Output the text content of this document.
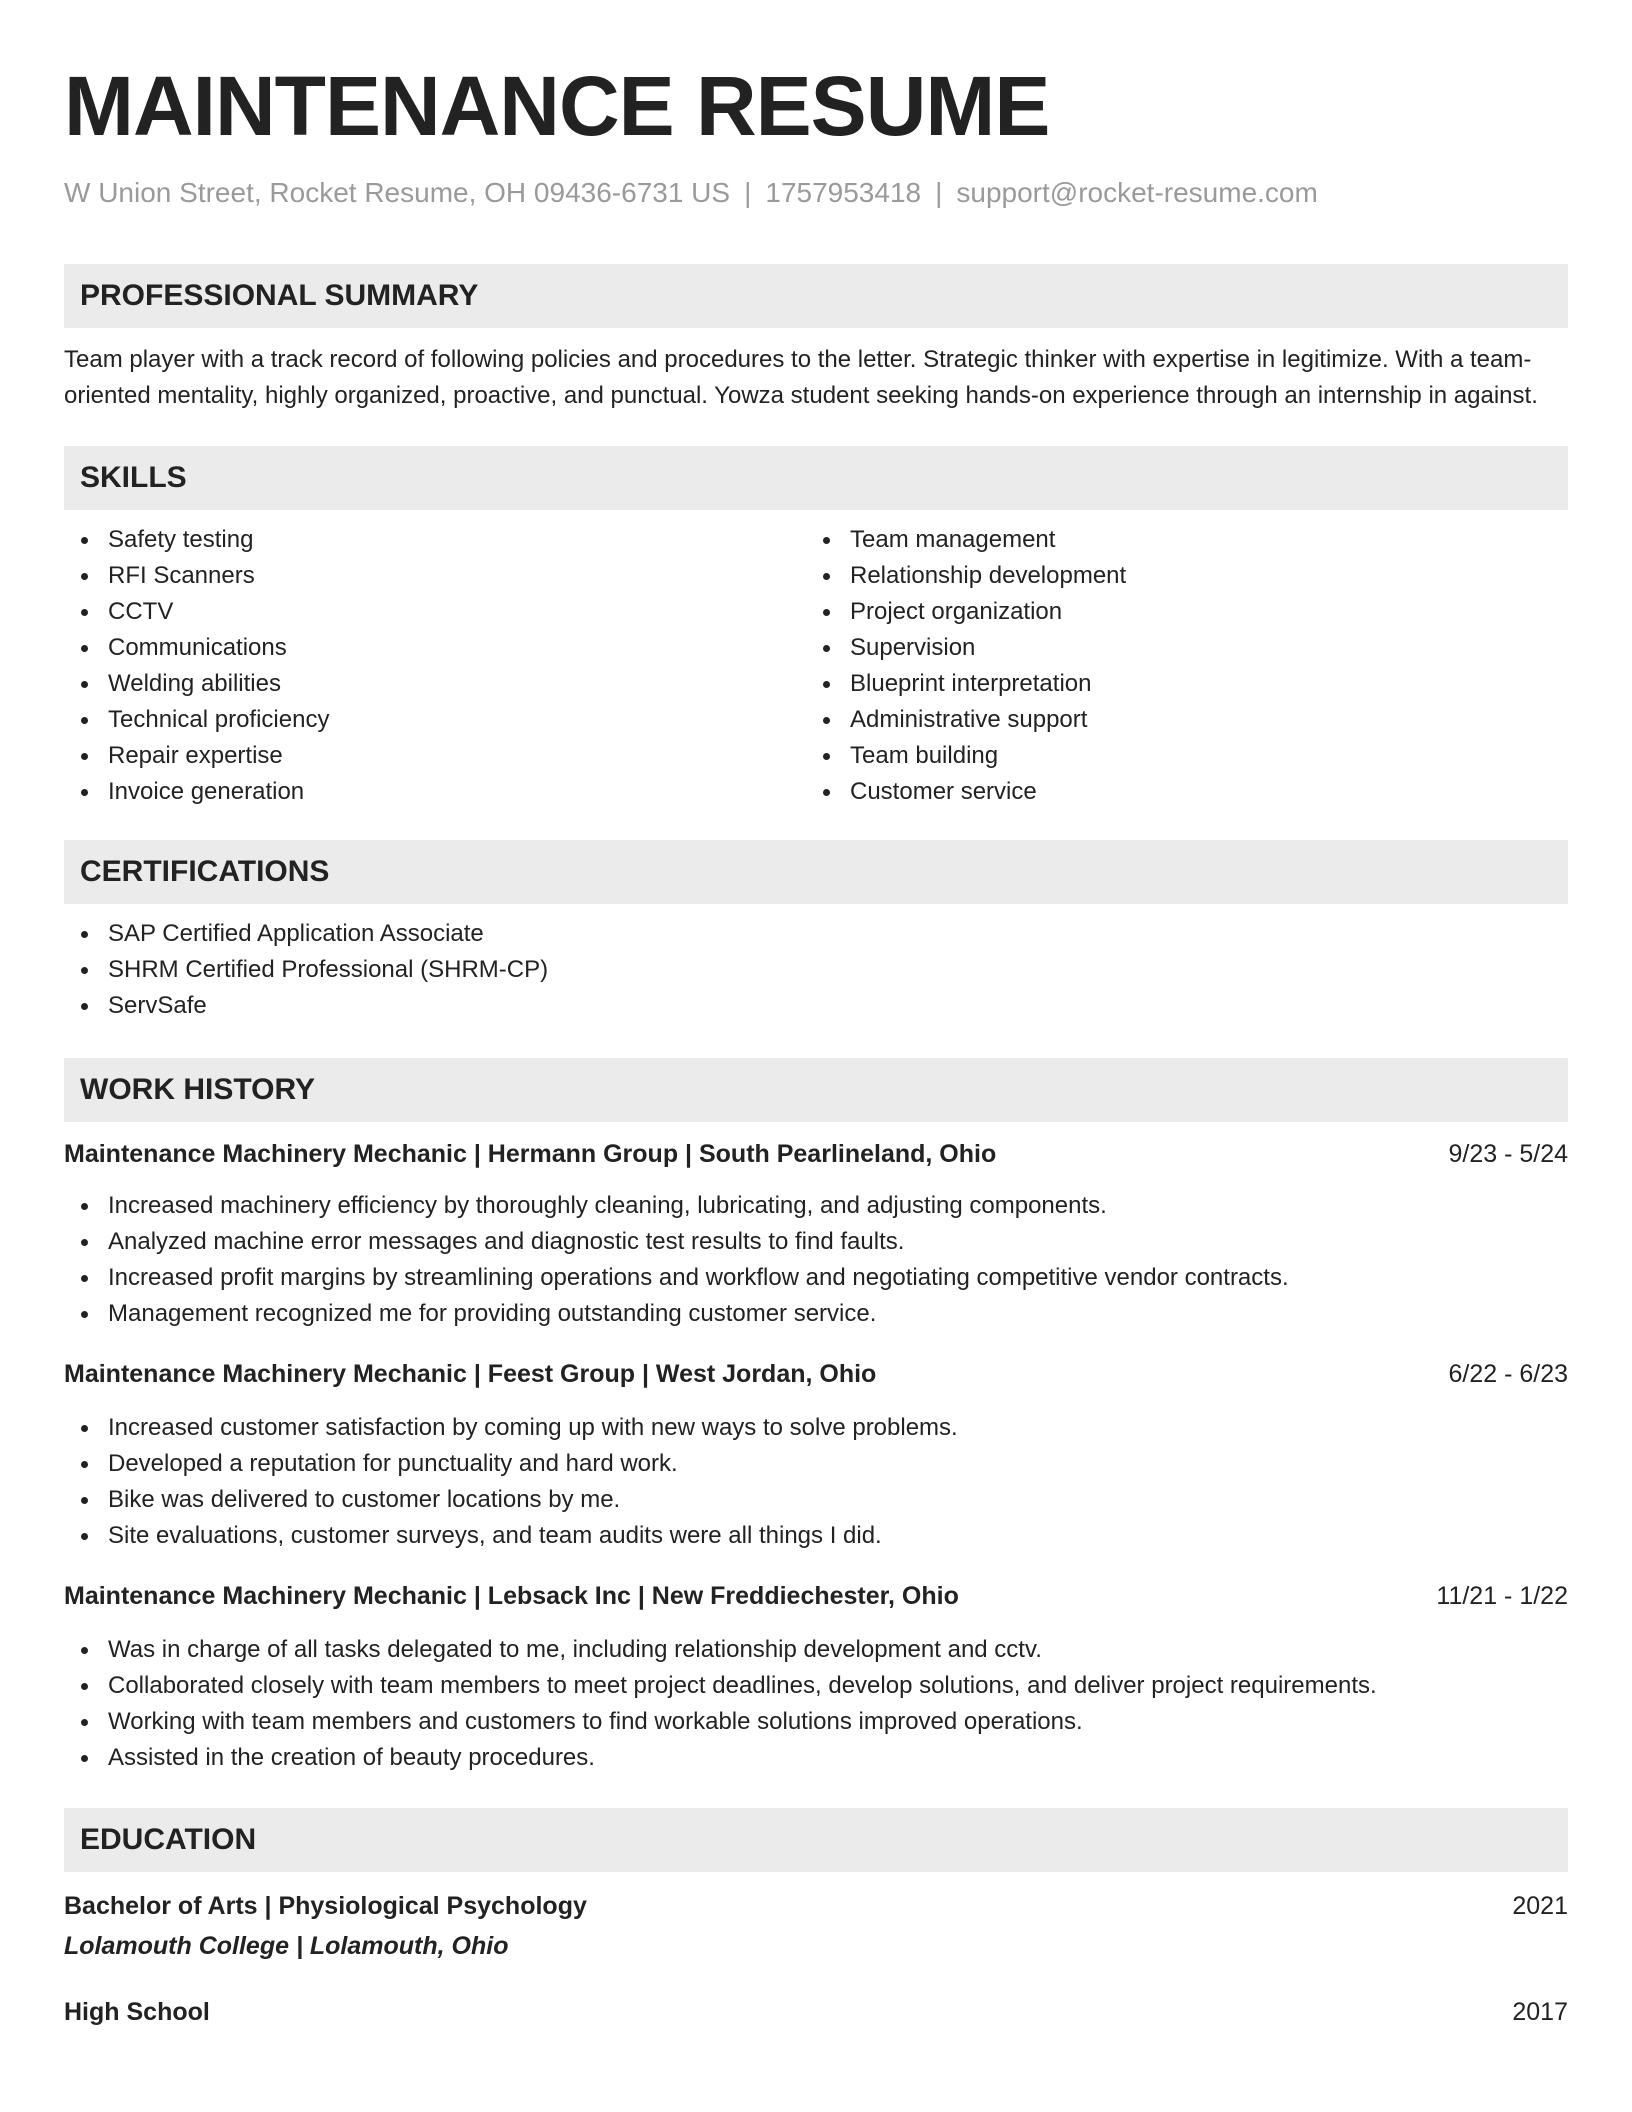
MAINTENANCE RESUME
W Union Street, Rocket Resume, OH 09436-6731 US | 1757953418 | support@rocket-resume.com
PROFESSIONAL SUMMARY

Team player with a track record of following policies and procedures to the letter. Strategic thinker with expertise in legitimize. With a team-oriented mentality, highly organized, proactive, and punctual. Yowza student seeking hands-on experience through an internship in against.

SKILLS
Safety testing
RFI Scanners
CCTV
Communications
Welding abilities
Technical proficiency
Repair expertise
Invoice generation
Team management
Relationship development
Project organization
Supervision
Blueprint interpretation
Administrative support
Team building
Customer service
CERTIFICATIONS
SAP Certified Application Associate
SHRM Certified Professional (SHRM-CP)
ServSafe
WORK HISTORY
Maintenance Machinery Mechanic | Hermann Group | South Pearlineland, Ohio	9/23 - 5/24
Increased machinery efficiency by thoroughly cleaning, lubricating, and adjusting components.
Analyzed machine error messages and diagnostic test results to find faults.
Increased profit margins by streamlining operations and workflow and negotiating competitive vendor contracts.
Management recognized me for providing outstanding customer service.
Maintenance Machinery Mechanic | Feest Group | West Jordan, Ohio	6/22 - 6/23
Increased customer satisfaction by coming up with new ways to solve problems.
Developed a reputation for punctuality and hard work.
Bike was delivered to customer locations by me.
Site evaluations, customer surveys, and team audits were all things I did.
Maintenance Machinery Mechanic | Lebsack Inc | New Freddiechester, Ohio	11/21 - 1/22
Was in charge of all tasks delegated to me, including relationship development and cctv.
Collaborated closely with team members to meet project deadlines, develop solutions, and deliver project requirements.
Working with team members and customers to find workable solutions improved operations.
Assisted in the creation of beauty procedures.
EDUCATION
Bachelor of Arts | Physiological Psychology	2021
Lolamouth College | Lolamouth, Ohio
High School	2017
